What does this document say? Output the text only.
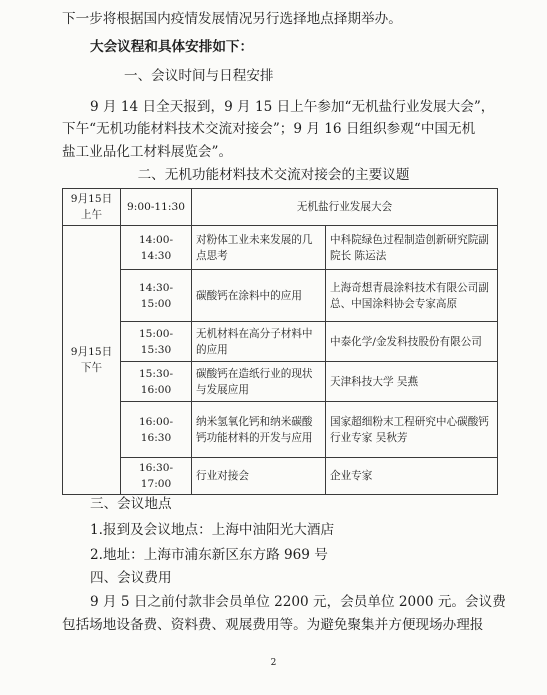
下一步将根据国内疫情发展情况另行选择地点择期举办。
大会议程和具体安排如下：
一、会议时间与日程安排
9 月 14 日全天报到，9 月 15 日上午参加“无机盐行业发展大会”，
下午“无机功能材料技术交流对接会”；9 月 16 日组织参观“中国无机
盐工业品化工材料展览会”。
二、无机功能材料技术交流对接会的主要议题
9月15日上午	9:00-11:30	无机盐行业发展大会	
9月15日下午	14:00-14:30	对粉体工业未来发展的几点思考	中科院绿色过程制造创新研究院副院长 陈运法
	14:30-15:00	碳酸钙在涂料中的应用	上海奇想青晨涂料技术有限公司副总、中国涂料协会专家高原
	15:00-15:30	无机材料在高分子材料中的应用	中泰化学/金发科技股份有限公司
	15:30-16:00	碳酸钙在造纸行业的现状与发展应用	天津科技大学 吴燕
	16:00-16:30	纳米氢氧化钙和纳米碳酸钙功能材料的开发与应用	国家超细粉末工程研究中心碳酸钙行业专家 吴秋芳
	16:30-17:00	行业对接会	企业专家
三、会议地点
1.报到及会议地点：上海中油阳光大酒店
2.地址：上海市浦东新区东方路 969 号
四、会议费用
9 月 5 日之前付款非会员单位 2200 元，会员单位 2000 元。会议费
包括场地设备费、资料费、观展费用等。为避免聚集并方便现场办理报
2
